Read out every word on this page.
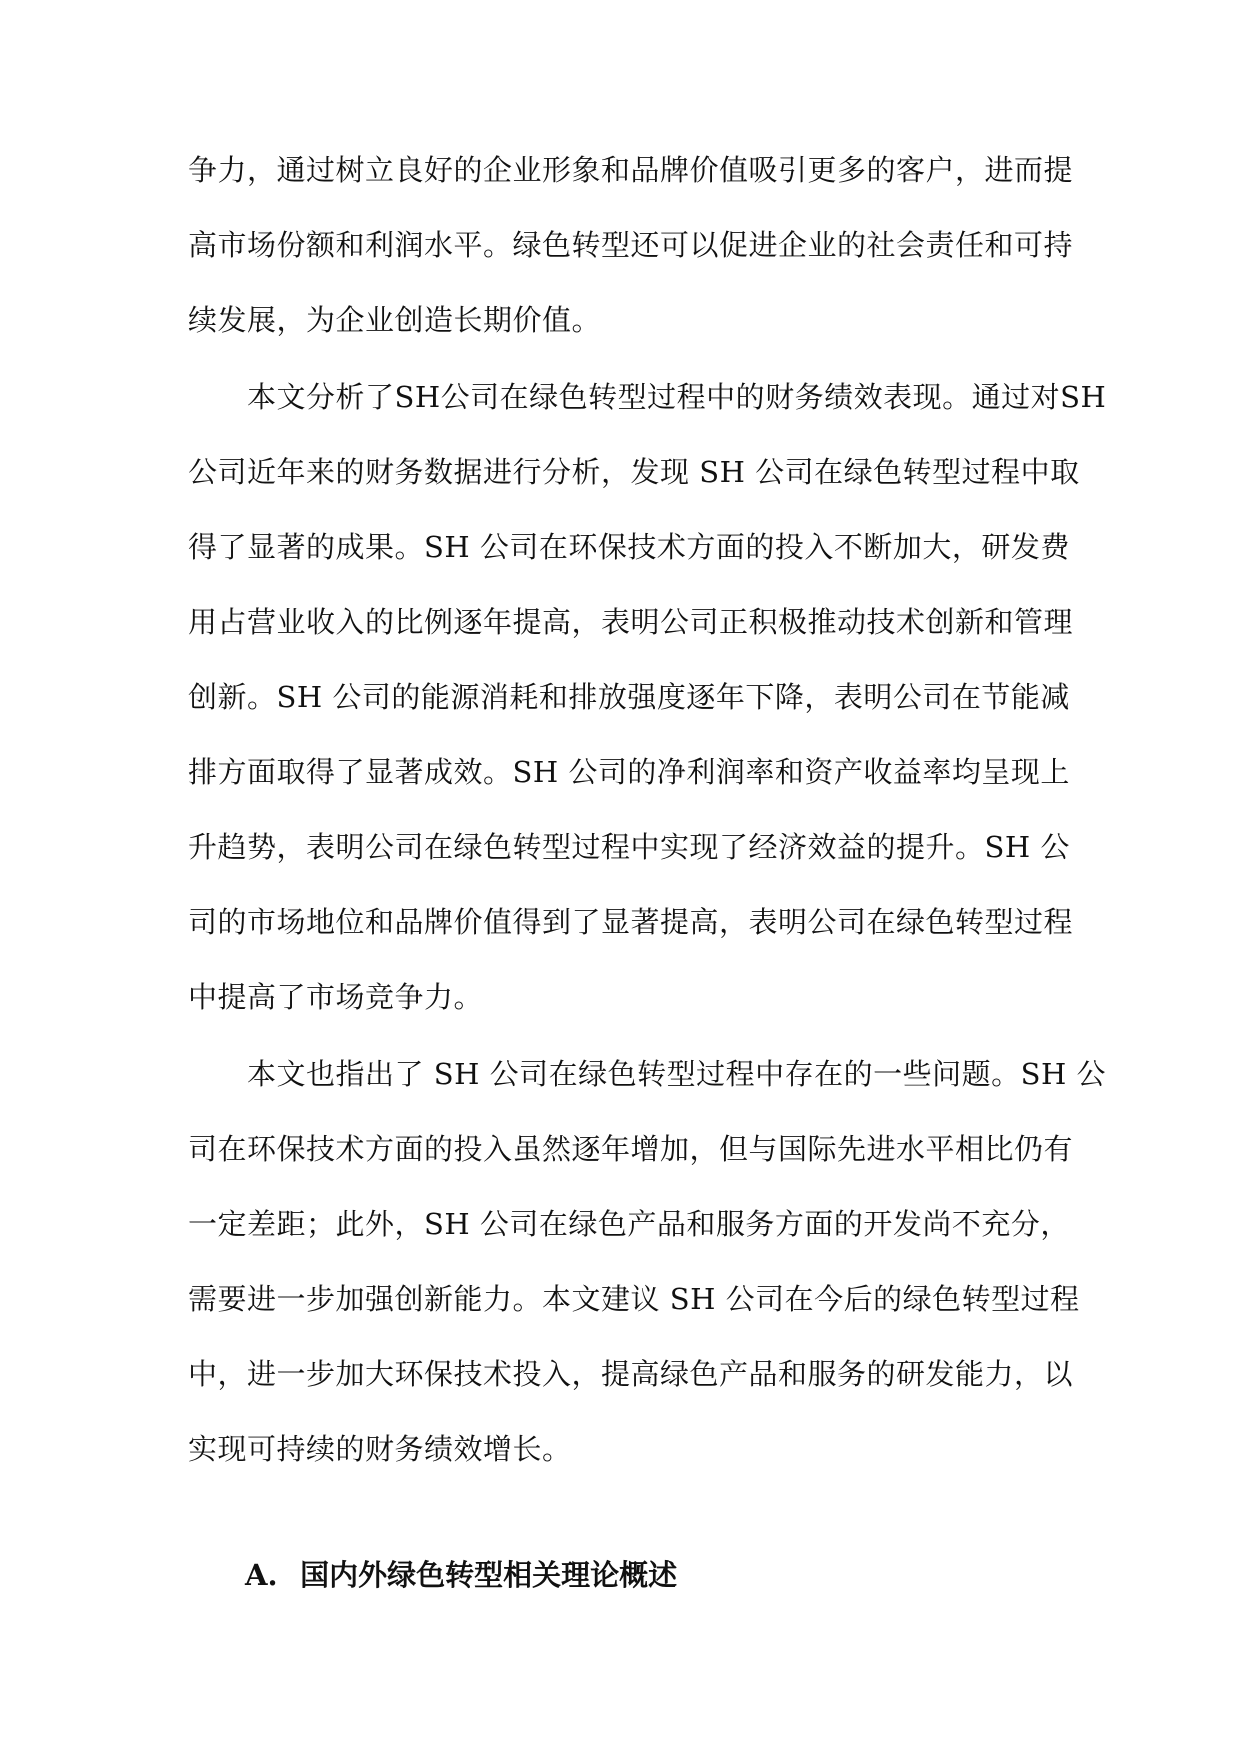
争力，通过树立良好的企业形象和品牌价值吸引更多的客户，进而提
高市场份额和利润水平。绿色转型还可以促进企业的社会责任和可持
续发展，为企业创造长期价值。
　　本文分析了SH公司在绿色转型过程中的财务绩效表现。通过对SH
公司近年来的财务数据进行分析，发现 SH 公司在绿色转型过程中取
得了显著的成果。SH 公司在环保技术方面的投入不断加大，研发费
用占营业收入的比例逐年提高，表明公司正积极推动技术创新和管理
创新。SH 公司的能源消耗和排放强度逐年下降，表明公司在节能减
排方面取得了显著成效。SH 公司的净利润率和资产收益率均呈现上
升趋势，表明公司在绿色转型过程中实现了经济效益的提升。SH 公
司的市场地位和品牌价值得到了显著提高，表明公司在绿色转型过程
中提高了市场竞争力。
　　本文也指出了 SH 公司在绿色转型过程中存在的一些问题。SH 公
司在环保技术方面的投入虽然逐年增加，但与国际先进水平相比仍有
一定差距；此外，SH 公司在绿色产品和服务方面的开发尚不充分，
需要进一步加强创新能力。本文建议 SH 公司在今后的绿色转型过程
中，进一步加大环保技术投入，提高绿色产品和服务的研发能力，以
实现可持续的财务绩效增长。
A. 国内外绿色转型相关理论概述
